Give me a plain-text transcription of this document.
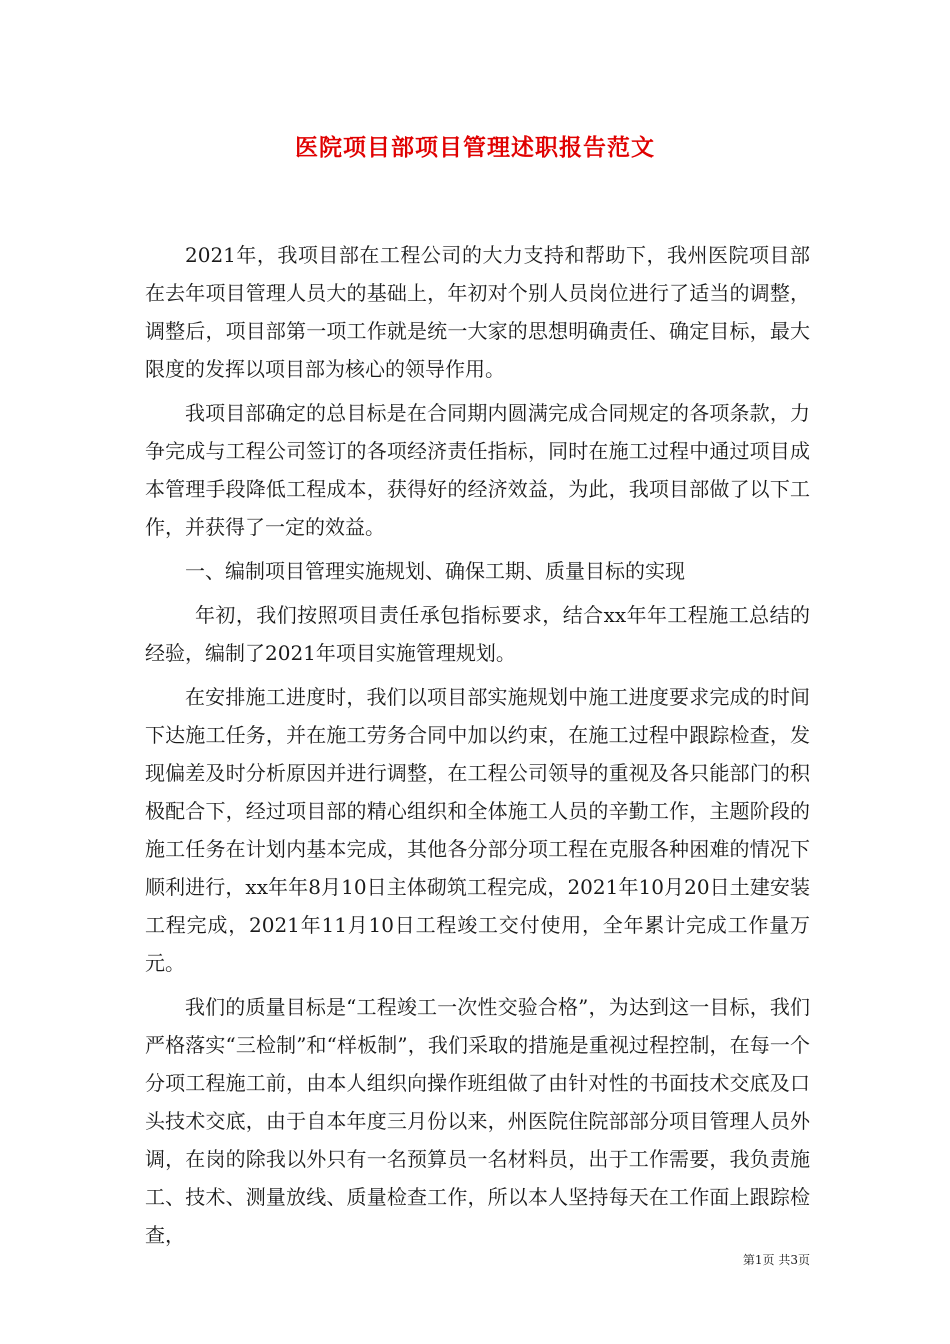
医院项目部项目管理述职报告范文

2021年，我项目部在工程公司的大力支持和帮助下，我州医院项目部在去年项目管理人员大的基础上，年初对个别人员岗位进行了适当的调整，调整后，项目部第一项工作就是统一大家的思想明确责任、确定目标，最大限度的发挥以项目部为核心的领导作用。

我项目部确定的总目标是在合同期内圆满完成合同规定的各项条款，力争完成与工程公司签订的各项经济责任指标，同时在施工过程中通过项目成本管理手段降低工程成本，获得好的经济效益，为此，我项目部做了以下工作，并获得了一定的效益。

一、编制项目管理实施规划、确保工期、质量目标的实现

年初，我们按照项目责任承包指标要求，结合xx年年工程施工总结的经验，编制了2021年项目实施管理规划。

在安排施工进度时，我们以项目部实施规划中施工进度要求完成的时间下达施工任务，并在施工劳务合同中加以约束，在施工过程中跟踪检查，发现偏差及时分析原因并进行调整，在工程公司领导的重视及各只能部门的积极配合下，经过项目部的精心组织和全体施工人员的辛勤工作，主题阶段的施工任务在计划内基本完成，其他各分部分项工程在克服各种困难的情况下顺利进行，xx年年8月10日主体砌筑工程完成，2021年10月20日土建安装工程完成，2021年11月10日工程竣工交付使用，全年累计完成工作量万元。

我们的质量目标是“工程竣工一次性交验合格”，为达到这一目标，我们严格落实“三检制”和“样板制”，我们采取的措施是重视过程控制，在每一个分项工程施工前，由本人组织向操作班组做了由针对性的书面技术交底及口头技术交底，由于自本年度三月份以来，州医院住院部部分项目管理人员外调，在岗的除我以外只有一名预算员一名材料员，出于工作需要，我负责施工、技术、测量放线、质量检查工作，所以本人坚持每天在工作面上跟踪检查，

第1页 共3页
